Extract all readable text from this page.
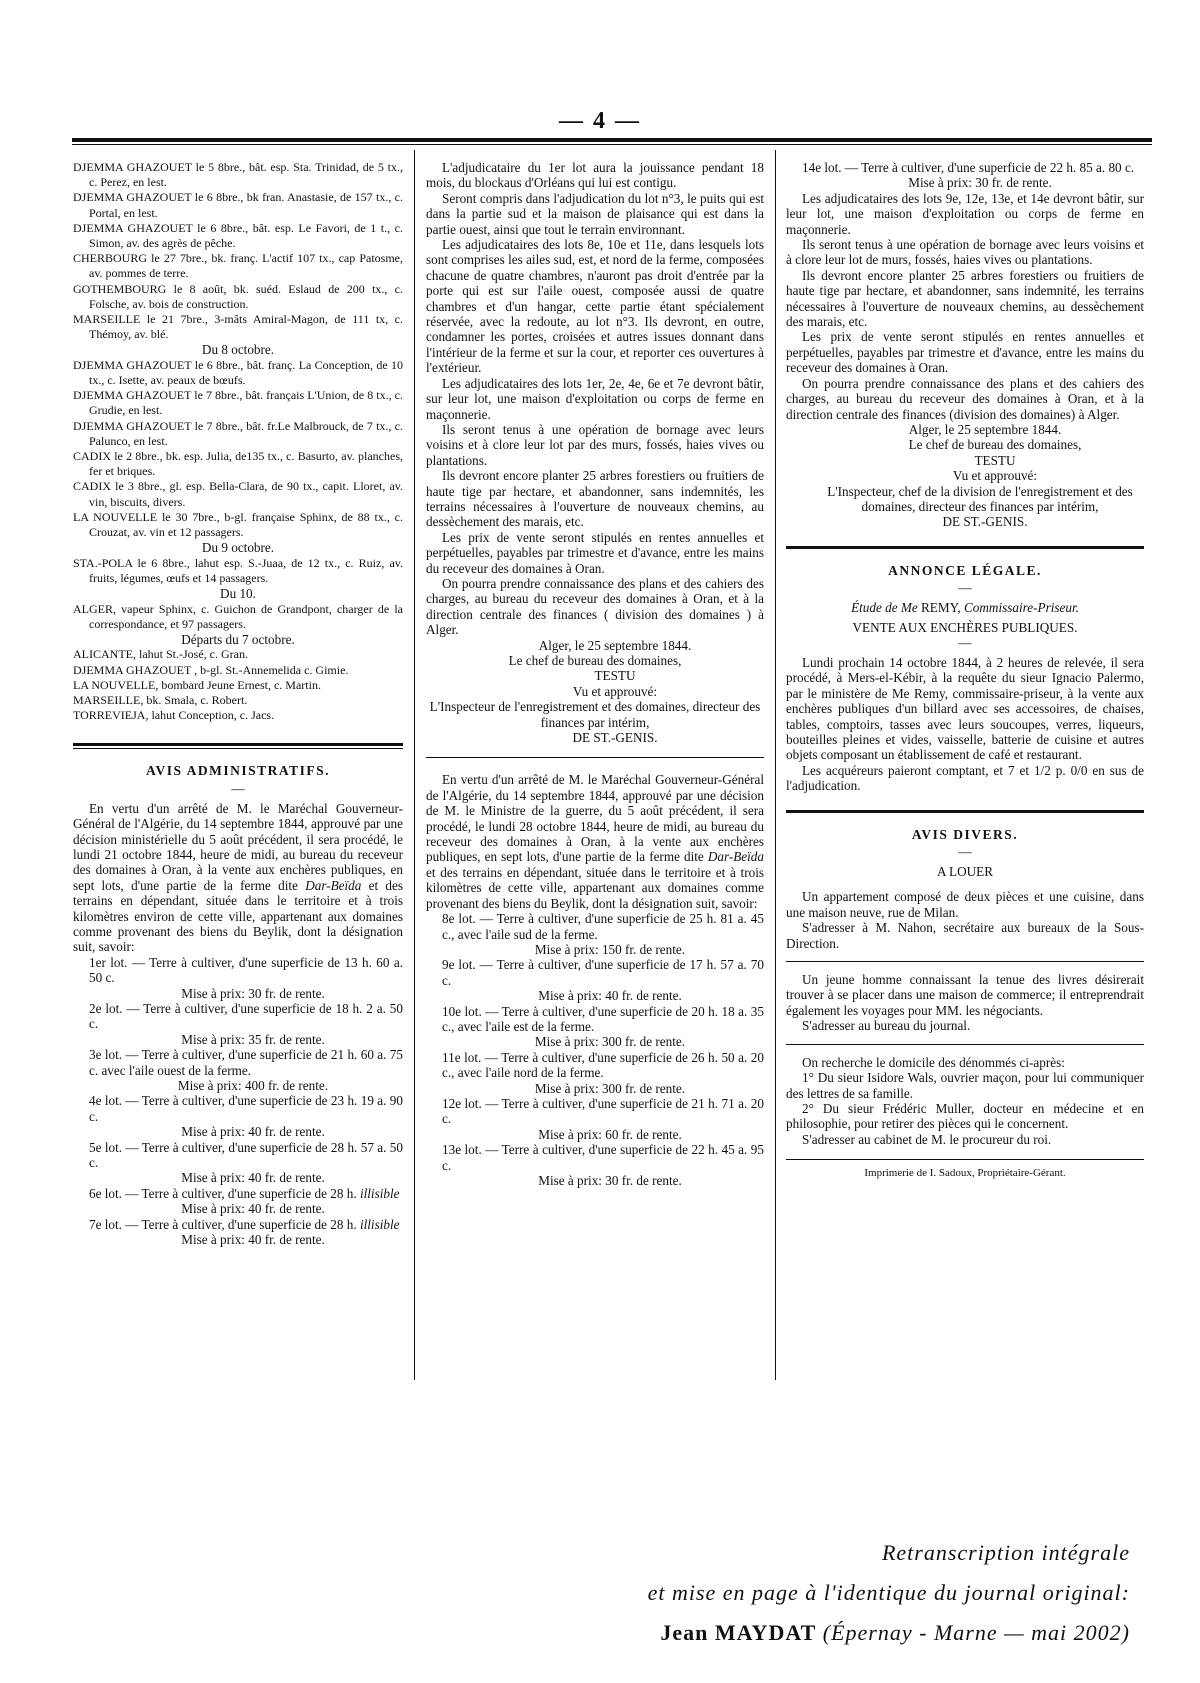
— 4 —

DJEMMA GHAZOUET le 5 8bre., bât. esp. Sta. Trinidad, de 5 tx., c. Perez, en lest.

DJEMMA GHAZOUET le 6 8bre., bk fran. Anastasie, de 157 tx., c. Portal, en lest.

DJEMMA GHAZOUET le 6 8bre., bât. esp. Le Favori, de 1 t., c. Simon, av. des agrès de pêche.

CHERBOURG le 27 7bre., bk. franç. L'actif 107 tx., cap Patosme, av. pommes de terre.

GOTHEMBOURG le 8 août, bk. suéd. Eslaud de 200 tx., c. Folsche, av. bois de construction.

MARSEILLE le 21 7bre., 3-mâts Amiral-Magon, de 111 tx, c. Thémoy, av. blé.

Du 8 octobre.

DJEMMA GHAZOUET le 6 8bre., bât. franç. La Conception, de 10 tx., c. Isette, av. peaux de bœufs.

DJEMMA GHAZOUET le 7 8bre., bât. français L'Union, de 8 tx., c. Grudie, en lest.

DJEMMA GHAZOUET le 7 8bre., bât. fr.Le Malbrouck, de 7 tx., c. Palunco, en lest.

CADIX le 2 8bre., bk. esp. Julia, de135 tx., c. Basurto, av. planches, fer et briques.

CADIX le 3 8bre., gl. esp. Bella-Clara, de 90 tx., capit. Lloret, av. vin, biscuits, divers.

LA NOUVELLE le 30 7bre., b-gl. française Sphinx, de 88 tx., c. Crouzat, av. vin et 12 passagers.

Du 9 octobre.

STA.-POLA le 6 8bre., lahut esp. S.-Juaa, de 12 tx., c. Ruiz, av. fruits, légumes, œufs et 14 passagers.

Du 10.

ALGER, vapeur Sphinx, c. Guichon de Grandpont, charger de la correspondance, et 97 passagers.

Départs du 7 octobre.

ALICANTE, lahut St.-José, c. Gran.

DJEMMA GHAZOUET , b-gl. St.-Annemelida c. Gimie.

LA NOUVELLE, bombard Jeune Ernest, c. Martin.

MARSEILLE, bk. Smala, c. Robert.

TORREVIEJA, lahut Conception, c. Jacs.

AVIS ADMINISTRATIFS.

—

En vertu d'un arrêté de M. le Maréchal Gouverneur-Général de l'Algérie, du 14 septembre 1844, approuvé par une décision ministérielle du 5 août précédent, il sera procédé, le lundi 21 octobre 1844, heure de midi, au bureau du receveur des domaines à Oran, à la vente aux enchères publiques, en sept lots, d'une partie de la ferme dite Dar-Beïda et des terrains en dépendant, située dans le territoire et à trois kilomètres environ de cette ville, appartenant aux domaines comme provenant des biens du Beylik, dont la désignation suit, savoir:

1er lot. — Terre à cultiver, d'une superficie de 13 h. 60 a. 50 c.

Mise à prix: 30 fr. de rente.

2e lot. — Terre à cultiver, d'une superficie de 18 h. 2 a. 50 c.

Mise à prix: 35 fr. de rente.

3e lot. — Terre à cultiver, d'une superficie de 21 h. 60 a. 75 c. avec l'aile ouest de la ferme.

Mise à prix: 400 fr. de rente.

4e lot. — Terre à cultiver, d'une superficie de 23 h. 19 a. 90 c.

Mise à prix: 40 fr. de rente.

5e lot. — Terre à cultiver, d'une superficie de 28 h. 57 a. 50 c.

Mise à prix: 40 fr. de rente.

6e lot. — Terre à cultiver, d'une superficie de 28 h. illisible

Mise à prix: 40 fr. de rente.

7e lot. — Terre à cultiver, d'une superficie de 28 h. illisible

Mise à prix: 40 fr. de rente.

L'adjudicataire du 1er lot aura la jouissance pendant 18 mois, du blockaus d'Orléans qui lui est contigu.

Seront compris dans l'adjudication du lot n°3, le puits qui est dans la partie sud et la maison de plaisance qui est dans la partie ouest, ainsi que tout le terrain environnant.

Les adjudicataires des lots 8e, 10e et 11e, dans lesquels lots sont comprises les ailes sud, est, et nord de la ferme, composées chacune de quatre chambres, n'auront pas droit d'entrée par la porte qui est sur l'aile ouest, composée aussi de quatre chambres et d'un hangar, cette partie étant spécialement réservée, avec la redoute, au lot n°3. Ils devront, en outre, condamner les portes, croisées et autres issues donnant dans l'intérieur de la ferme et sur la cour, et reporter ces ouvertures à l'extérieur.

Les adjudicataires des lots 1er, 2e, 4e, 6e et 7e devront bâtir, sur leur lot, une maison d'exploitation ou corps de ferme en maçonnerie.

Ils seront tenus à une opération de bornage avec leurs voisins et à clore leur lot par des murs, fossés, haies vives ou plantations.

Ils devront encore planter 25 arbres forestiers ou fruitiers de haute tige par hectare, et abandonner, sans indemnités, les terrains nécessaires à l'ouverture de nouveaux chemins, au dessèchement des marais, etc.

Les prix de vente seront stipulés en rentes annuelles et perpétuelles, payables par trimestre et d'avance, entre les mains du receveur des domaines à Oran.

On pourra prendre connaissance des plans et des cahiers des charges, au bureau du receveur des domaines à Oran, et à la direction centrale des finances ( division des domaines ) à Alger.

Alger, le 25 septembre 1844.

Le chef de bureau des domaines,

TESTU

Vu et approuvé:

L'Inspecteur de l'enregistrement et des domaines, directeur des finances par intérim,

DE ST.-GENIS.

En vertu d'un arrêté de M. le Maréchal Gouverneur-Général de l'Algérie, du 14 septembre 1844, approuvé par une décision de M. le Ministre de la guerre, du 5 août précédent, il sera procédé, le lundi 28 octobre 1844, heure de midi, au bureau du receveur des domaines à Oran, à la vente aux enchères publiques, en sept lots, d'une partie de la ferme dite Dar-Beïda et des terrains en dépendant, située dans le territoire et à trois kilomètres de cette ville, appartenant aux domaines comme provenant des biens du Beylik, dont la désignation suit, savoir:

8e lot. — Terre à cultiver, d'une superficie de 25 h. 81 a. 45 c., avec l'aile sud de la ferme.

Mise à prix: 150 fr. de rente.

9e lot. — Terre à cultiver, d'une superficie de 17 h. 57 a. 70 c.

Mise à prix: 40 fr. de rente.

10e lot. — Terre à cultiver, d'une superficie de 20 h. 18 a. 35 c., avec l'aile est de la ferme.

Mise à prix: 300 fr. de rente.

11e lot. — Terre à cultiver, d'une superficie de 26 h. 50 a. 20 c., avec l'aile nord de la ferme.

Mise à prix: 300 fr. de rente.

12e lot. — Terre à cultiver, d'une superficie de 21 h. 71 a. 20 c.

Mise à prix: 60 fr. de rente.

13e lot. — Terre à cultiver, d'une superficie de 22 h. 45 a. 95 c.

Mise à prix: 30 fr. de rente.

14e lot. — Terre à cultiver, d'une superficie de 22 h. 85 a. 80 c.

Mise à prix: 30 fr. de rente.

Les adjudicataires des lots 9e, 12e, 13e, et 14e devront bâtir, sur leur lot, une maison d'exploitation ou corps de ferme en maçonnerie.

Ils seront tenus à une opération de bornage avec leurs voisins et à clore leur lot de murs, fossés, haies vives ou plantations.

Ils devront encore planter 25 arbres forestiers ou fruitiers de haute tige par hectare, et abandonner, sans indemnité, les terrains nécessaires à l'ouverture de nouveaux chemins, au dessèchement des marais, etc.

Les prix de vente seront stipulés en rentes annuelles et perpétuelles, payables par trimestre et d'avance, entre les mains du receveur des domaines à Oran.

On pourra prendre connaissance des plans et des cahiers des charges, au bureau du receveur des domaines à Oran, et à la direction centrale des finances (division des domaines) à Alger.

Alger, le 25 septembre 1844.

Le chef de bureau des domaines,

TESTU

Vu et approuvé:

L'Inspecteur, chef de la division de l'enregistrement et des domaines, directeur des finances par intérim,

DE ST.-GENIS.

ANNONCE LÉGALE.

—

Étude de Me REMY, Commissaire-Priseur.

VENTE AUX ENCHÈRES PUBLIQUES.

—

Lundi prochain 14 octobre 1844, à 2 heures de relevée, il sera procédé, à Mers-el-Kébir, à la requête du sieur Ignacio Palermo, par le ministère de Me Remy, commissaire-priseur, à la vente aux enchères publiques d'un billard avec ses accessoires, de chaises, tables, comptoirs, tasses avec leurs soucoupes, verres, liqueurs, bouteilles pleines et vides, vaisselle, batterie de cuisine et autres objets composant un établissement de café et restaurant.

Les acquéreurs paieront comptant, et 7 et 1/2 p. 0/0 en sus de l'adjudication.

AVIS DIVERS.

—

A LOUER

Un appartement composé de deux pièces et une cuisine, dans une maison neuve, rue de Milan.

S'adresser à M. Nahon, secrétaire aux bureaux de la Sous-Direction.

Un jeune homme connaissant la tenue des livres désirerait trouver à se placer dans une maison de commerce; il entreprendrait également les voyages pour MM. les négociants.

S'adresser au bureau du journal.

On recherche le domicile des dénommés ci-après:

1° Du sieur Isidore Wals, ouvrier maçon, pour lui communiquer des lettres de sa famille.

2° Du sieur Frédéric Muller, docteur en médecine et en philosophie, pour retirer des pièces qui le concernent.

S'adresser au cabinet de M. le procureur du roi.

Imprimerie de I. Sadoux, Propriétaire-Gérant.

Retranscription intégrale
et mise en page à l'identique du journal original:
Jean MAYDAT (Épernay - Marne — mai 2002)
